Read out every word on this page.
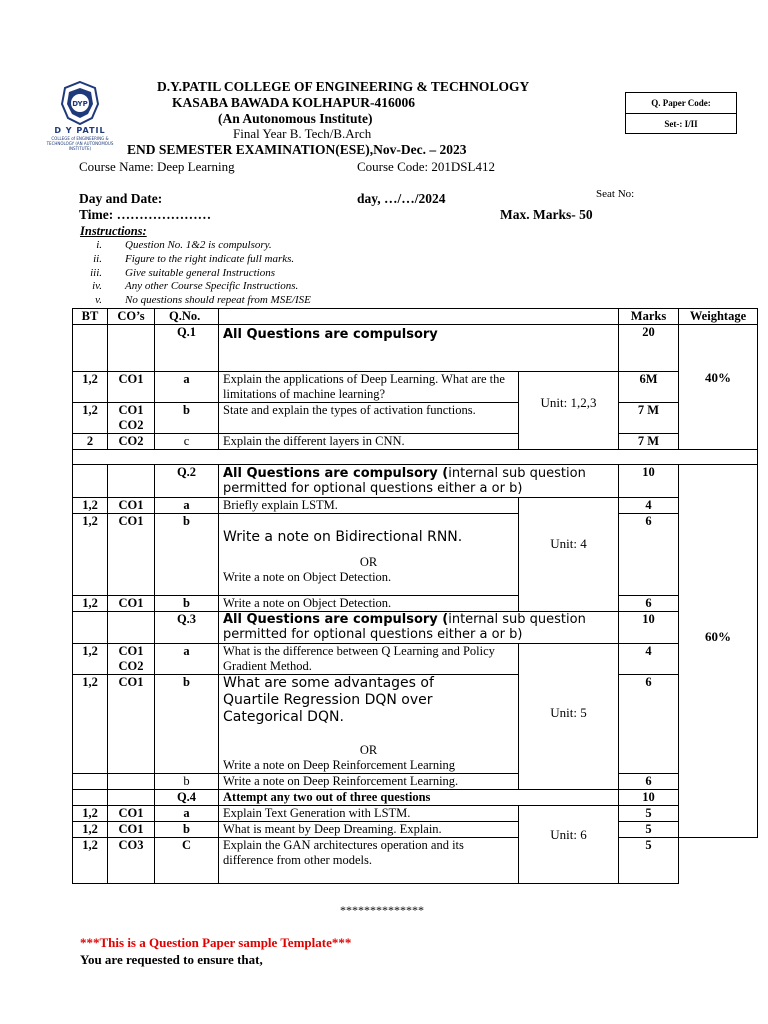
DYP
D Y PATIL
COLLEGE of ENGINEERING & TECHNOLOGY (AN AUTONOMOUS INSTITUTE)
D.Y.PATIL COLLEGE OF ENGINEERING & TECHNOLOGY
KASABA BAWADA KOLHAPUR-416006
(An Autonomous Institute)
Final Year B. Tech/B.Arch
END SEMESTER EXAMINATION(ESE),Nov-Dec. – 2023
Course Name: Deep Learning	Course Code: 201DSL412
Q. Paper Code:
Set-: I/II
Day and Date:	day, …/…/2024	Seat No:
Time: …………………	Max. Marks- 50
Instructions:
i. Question No. 1&2 is compulsory.
ii. Figure to the right indicate full marks.
iii. Give suitable general Instructions
iv. Any other Course Specific Instructions.
v. No questions should repeat from MSE/ISE
BT	CO’s	Q.No.			Marks	Weightage
		Q.1	All Questions are compulsory		20	40%
1,2	CO1	a	Explain the applications of Deep Learning. What are the limitations of machine learning?	Unit: 1,2,3	6M	
1,2	CO1 CO2	b	State and explain the types of activation functions.		7 M	
2	CO2	c	Explain the different layers in CNN.		7 M	

		Q.2	All Questions are compulsory (internal sub question permitted for optional questions either a or b)		10	60%
1,2	CO1	a	Briefly explain LSTM.	Unit: 4	4	
1,2	CO1	b	Write a note on Bidirectional RNN.
OR
Write a note on Object Detection.		6	
1,2	CO1	b	Write a note on Object Detection.		6	
		Q.3	All Questions are compulsory (internal sub question permitted for optional questions either a or b)		10	
1,2	CO1 CO2	a	What is the difference between Q Learning and Policy Gradient Method.	Unit: 5	4	
1,2	CO1	b	What are some advantages of Quartile Regression DQN over Categorical DQN.
OR
Write a note on Deep Reinforcement Learning		6	
		b	Write a note on Deep Reinforcement Learning.		6	
		Q.4	Attempt any two out of three questions		10	
1,2	CO1	a	Explain Text Generation with LSTM.	Unit: 6	5	
1,2	CO1	b	What is meant by Deep Dreaming. Explain.		5	
1,2	CO3	C	Explain the GAN architectures operation and its difference from other models.		5	
**************
***This is a Question Paper sample Template***
You are requested to ensure that,
